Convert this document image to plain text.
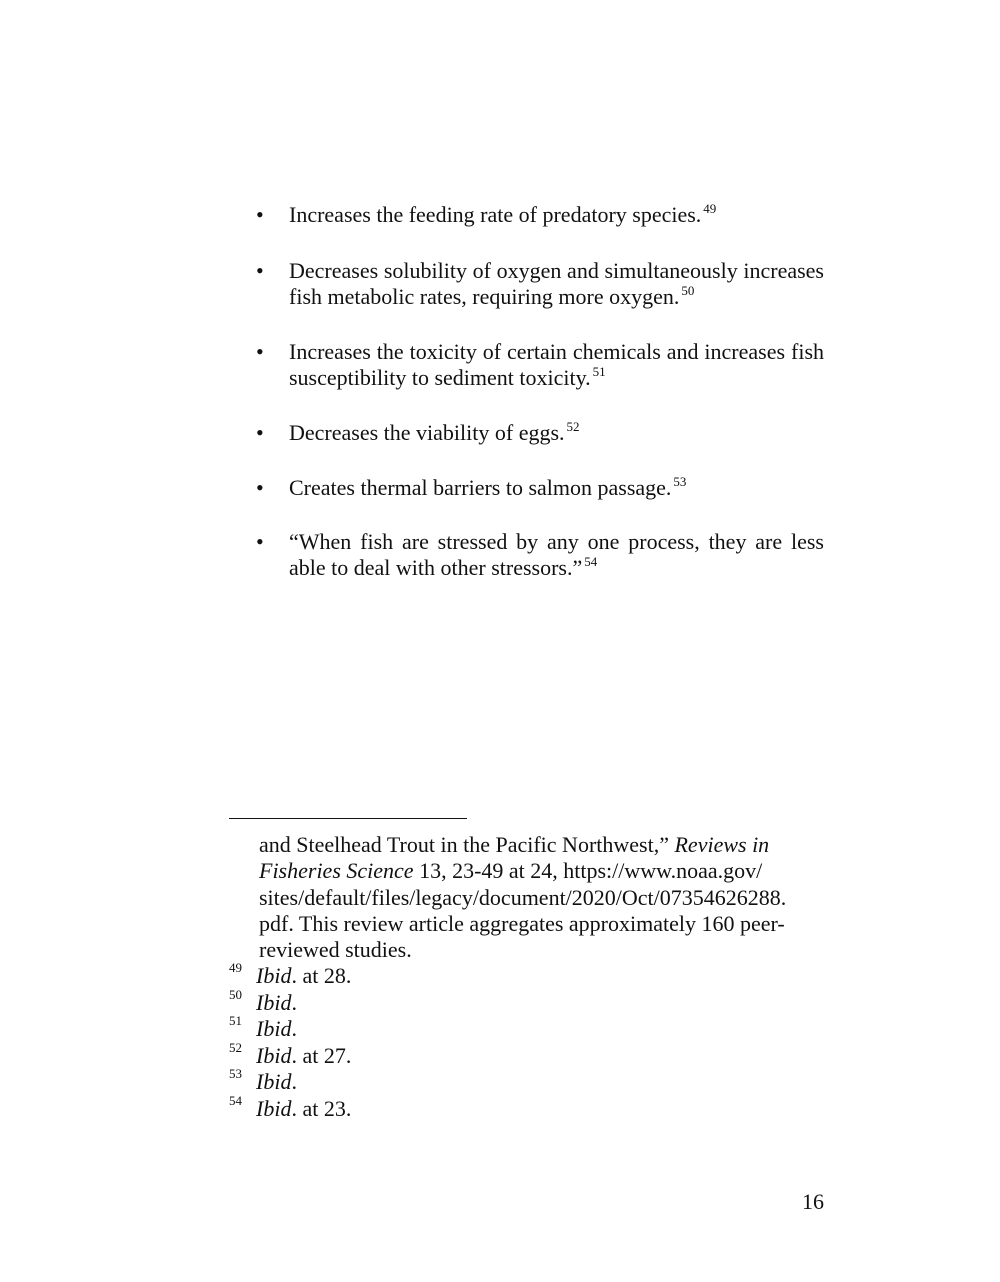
•	Increases the feeding rate of predatory species. $^{49}$
•	Decreases solubility of oxygen and simultaneously increases fish metabolic rates, requiring more oxygen. $^{50}$
•	Increases the toxicity of certain chemicals and increases fish susceptibility to sediment toxicity. $^{51}$
•	Decreases the viability of eggs. $^{52}$
•	Creates thermal barriers to salmon passage. $^{53}$
•	“When fish are stressed by any one process, they are less able to deal with other stressors.” $^{54}$
and Steelhead Trout in the Pacific Northwest,” Reviews in
Fisheries Science 13, 23-49 at 24, https://www.noaa.gov/
sites/default/files/legacy/document/2020/Oct/07354626288.
pdf. This review article aggregates approximately 160 peer-
reviewed studies.
49 Ibid. at 28.
50 Ibid.
51 Ibid.
52 Ibid. at 27.
53 Ibid.
54 Ibid. at 23.
16
